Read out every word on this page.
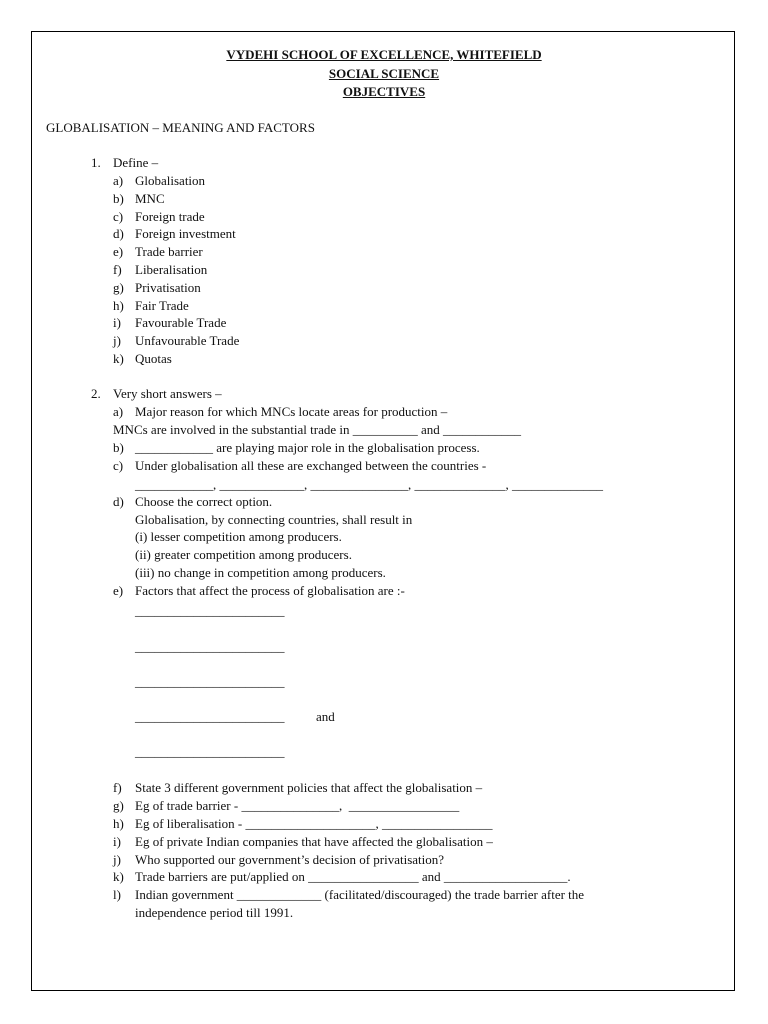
VYDEHI SCHOOL OF EXCELLENCE, WHITEFIELD
SOCIAL SCIENCE
OBJECTIVES
GLOBALISATION – MEANING AND FACTORS
1. Define –
a) Globalisation
b) MNC
c) Foreign trade
d) Foreign investment
e) Trade barrier
f) Liberalisation
g) Privatisation
h) Fair Trade
i) Favourable Trade
j) Unfavourable Trade
k) Quotas
2. Very short answers –
a) Major reason for which MNCs locate areas for production –
MNCs are involved in the substantial trade in __________ and ____________
b) ____________ are playing major role in the globalisation process.
c) Under globalisation all these are exchanged between the countries -
____________, _____________, _______________, ______________, ______________
d) Choose the correct option.
Globalisation, by connecting countries, shall result in
(i) lesser competition among producers.
(ii) greater competition among producers.
(iii) no change in competition among producers.
e) Factors that affect the process of globalisation are :-
_______________________
_______________________
_______________________
_______________________ and
_______________________
f) State 3 different government policies that affect the globalisation –
g) Eg of trade barrier - _______________,  _________________
h) Eg of liberalisation - ____________________, _________________
i) Eg of private Indian companies that have affected the globalisation –
j) Who supported our government’s decision of privatisation?
k) Trade barriers are put/applied on _________________ and ___________________.
l) Indian government _____________ (facilitated/discouraged) the trade barrier after the
independence period till 1991.
